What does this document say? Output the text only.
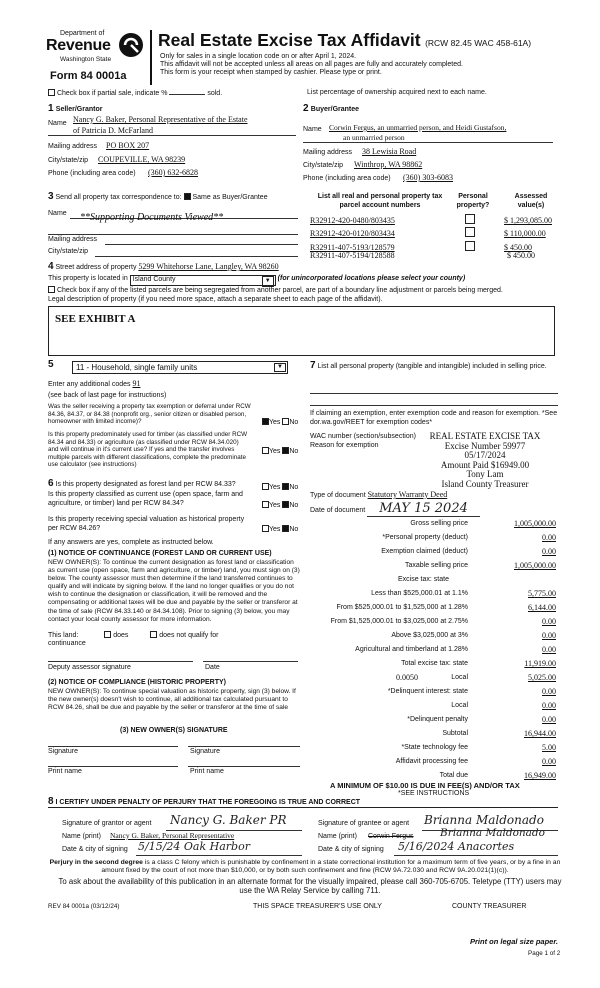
Department of
Revenue
Washington State
Form 84 0001a
Real Estate Excise Tax Affidavit (RCW 82.45 WAC 458-61A)
Only for sales in a single location code on or after April 1, 2024.
This affidavit will not be accepted unless all areas on all pages are fully and accurately completed.
This form is your receipt when stamped by cashier. Please type or print.
Check box if partial sale, indicate %	sold.	List percentage of ownership acquired next to each name.
1 Seller/Grantor
Name Nancy G. Baker, Personal Representative of the Estate
of Patricia D. McFarland
Mailing address PO BOX 207
City/state/zip COUPEVILLE, WA 98239
Phone (including area code) (360) 632-6828
2 Buyer/Grantee
Name Corwin Fergus, an unmarried person, and Heidi Gustafson,
an unmarried person
Mailing address 38 Lewisia Road
City/state/zip Winthrop, WA 98862
Phone (including area code) (360) 303-6083
3 Send all property tax correspondence to: Same as Buyer/Grantee
Name **Supporting Documents Viewed**
Mailing address
City/state/zip
List all real and personal property tax parcel account numbers
Personal property?
Assessed value(s)
R32912-420-0480/803435	$ 1,293,085.00
R32912-420-0120/803434	$ 110,000.00
R32911-407-5193/128579	$ 450.00
R32911-407-5194/128588	$ 450.00
4 Street address of property 5299 Whitehorse Lane, Langley, WA 98260
This property is located in Island County	▼ (for unincorporated locations please select your county)
Check box if any of the listed parcels are being segregated from another parcel, are part of a boundary line adjustment or parcels being merged.
Legal description of property (if you need more space, attach a separate sheet to each page of the affidavit).
SEE EXHIBIT A
5	11 - Household, single family units	▼
Enter any additional codes 91
(see back of last page for instructions)
Was the seller receiving a property tax exemption or deferral under RCW 84.36, 84.37, or 84.38 (nonprofit org., senior citizen or disabled person, homeowner with limited income)?	Yes No
Is this property predominately used for timber (as classified under RCW 84.34 and 84.33) or agriculture (as classified under RCW 84.34.020) and will continue in it's current use? If yes and the transfer involves multiple parcels with different classifications, complete the predominate use calculator (see instructions)
Yes No
6 Is this property designated as forest land per RCW 84.33?	Yes No
Is this property classified as current use (open space, farm and agriculture, or timber) land per RCW 84.34?	Yes No
Is this property receiving special valuation as historical property per RCW 84.26?	Yes No
If any answers are yes, complete as instructed below.
(1) NOTICE OF CONTINUANCE (FOREST LAND OR CURRENT USE)
NEW OWNER(S): To continue the current designation as forest land or classification as current use (open space, farm and agriculture, or timber) land, you must sign on (3) below. The county assessor must then determine if the land transferred continues to qualify and will indicate by signing below. If the land no longer qualifies or you do not wish to continue the designation or classification, it will be removed and the compensating or additional taxes will be due and payable by the seller or transferor at the time of sale (RCW 84.33.140 or 84.34.108). Prior to signing (3) below, you may contact your local county assessor for more information.
This land:	does	does not qualify for
continuance
Deputy assessor signature	Date
(2) NOTICE OF COMPLIANCE (HISTORIC PROPERTY)
NEW OWNER(S): To continue special valuation as historic property, sign (3) below. If the new owner(s) doesn't wish to continue, all additional tax calculated pursuant to RCW 84.26, shall be due and payable by the seller or transferor at the time of sale
(3) NEW OWNER(S) SIGNATURE
Signature	Signature
Print name	Print name
7 List all personal property (tangible and intangible) included in selling price.
If claiming an exemption, enter exemption code and reason for exemption. *See dor.wa.gov/REET for exemption codes*
WAC number (section/subsection)
Reason for exemption
REAL ESTATE EXCISE TAX
Excise Number 59977
05/17/2024
Amount Paid $16949.00
Tony Lam
Island County Treasurer
Type of document Statutory Warranty Deed
Date of document MAY 15 2024
Gross selling price	1,005,000.00
*Personal property (deduct)	0.00
Exemption claimed (deduct)	0.00
Taxable selling price	1,005,000.00
Excise tax: state
Less than $525,000.01 at 1.1%	5,775.00
From $525,000.01 to $1,525,000 at 1.28%	6,144.00
From $1,525,000.01 to $3,025,000 at 2.75%	0.00
Above $3,025,000 at 3%	0.00
Agricultural and timberland at 1.28%	0.00
Total excise tax: state	11,919.00
0.0050	Local	5,025.00
*Delinquent interest: state	0.00
Local	0.00
*Delinquent penalty	0.00
Subtotal	16,944.00
*State technology fee	5.00
Affidavit processing fee	0.00
Total due	16,949.00
A MINIMUM OF $10.00 IS DUE IN FEE(S) AND/OR TAX
*SEE INSTRUCTIONS
8 I CERTIFY UNDER PENALTY OF PERJURY THAT THE FOREGOING IS TRUE AND CORRECT
Signature of grantor or agent Nancy G. Baker PR
Name (print) Nancy G. Baker, Personal Representative
Date & city of signing 5/15/24 Oak Harbor
Signature of grantee or agent Brianna Maldonado
Name (print) Corwin Fergus	Brianna Maldonado
Date & city of signing 5/16/2024 Anacortes
Perjury in the second degree is a class C felony which is punishable by confinement in a state correctional institution for a maximum term of five years, or by a fine in an amount fixed by the court of not more than $10,000, or by both such confinement and fine (RCW 9A.72.030 and RCW 9A.20.021(1)(c)).
To ask about the availability of this publication in an alternate format for the visually impaired, please call 360-705-6705. Teletype (TTY) users may use the WA Relay Service by calling 711.
REV 84 0001a (03/12/24)	THIS SPACE TREASURER'S USE ONLY	COUNTY TREASURER
Print on legal size paper.
Page 1 of 2
